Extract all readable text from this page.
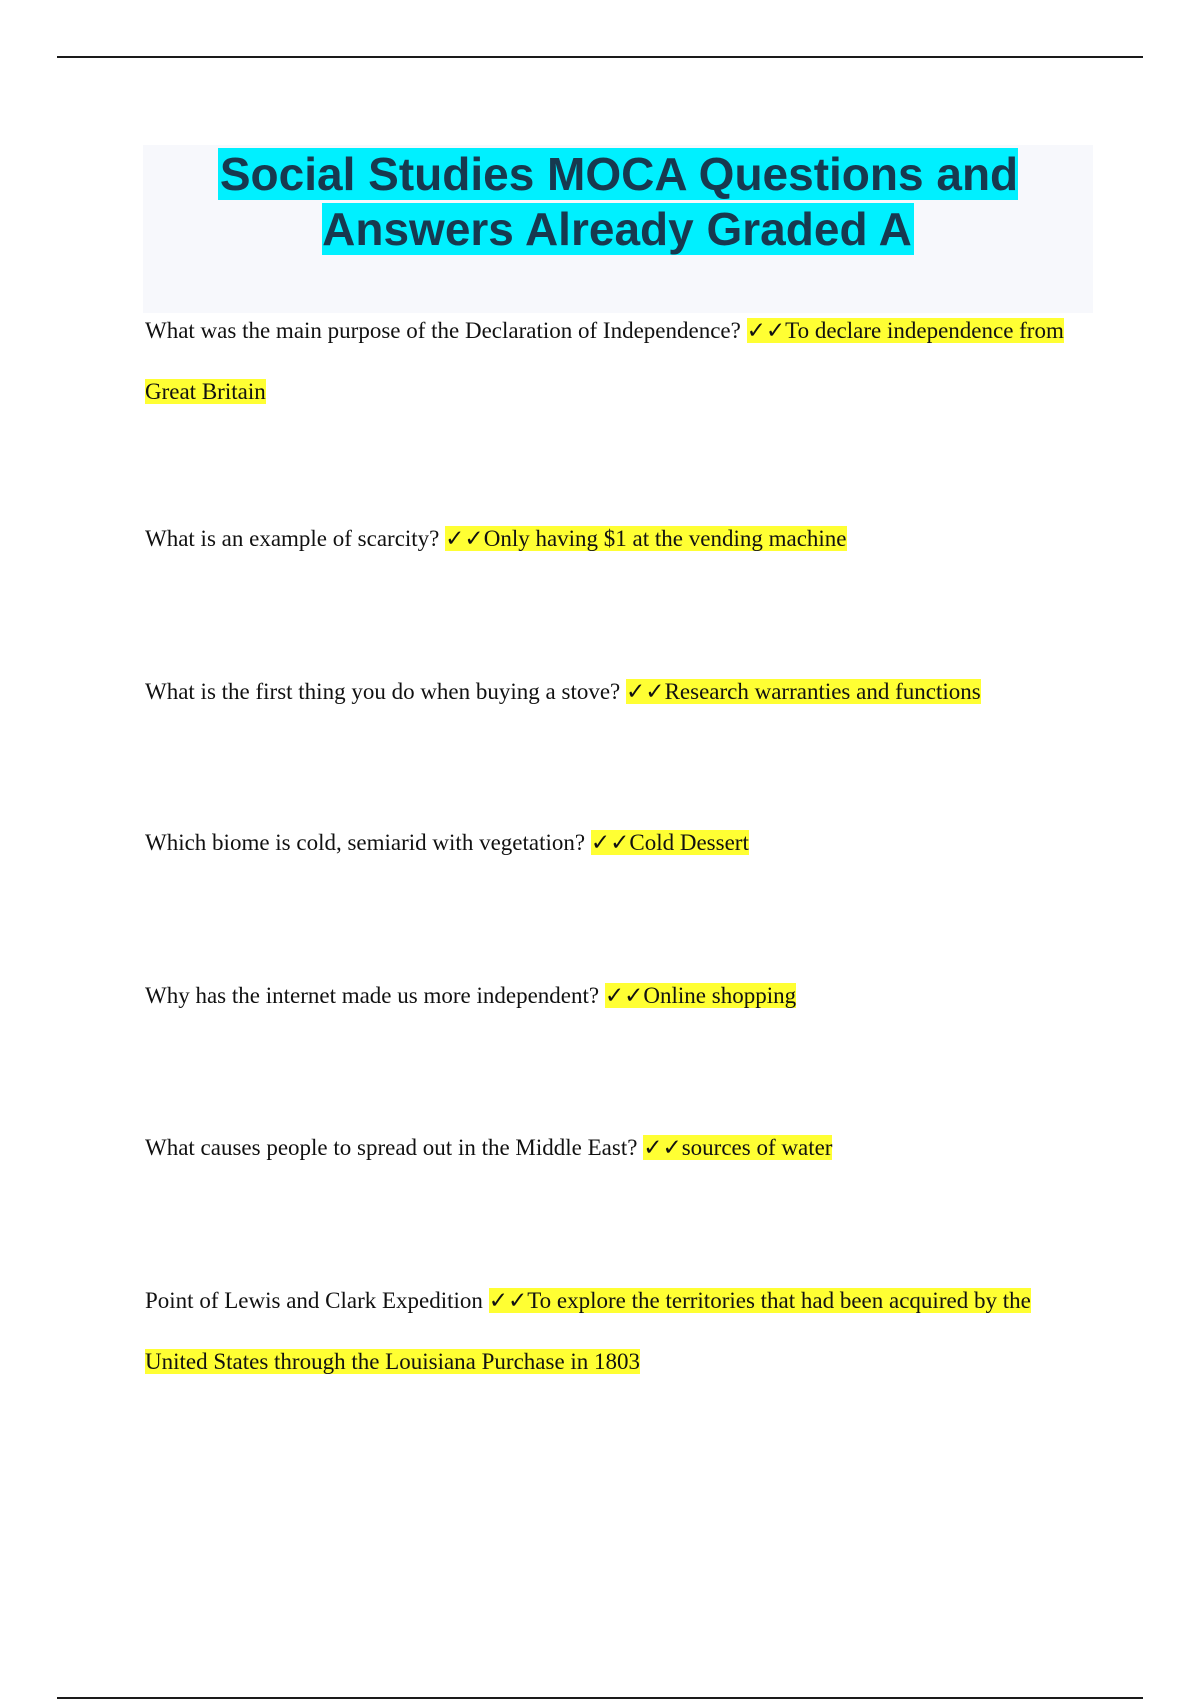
Social Studies MOCA Questions and Answers Already Graded A
What was the main purpose of the Declaration of Independence? ✓✓To declare independence from Great Britain
What is an example of scarcity? ✓✓Only having $1 at the vending machine
What is the first thing you do when buying a stove? ✓✓Research warranties and functions
Which biome is cold, semiarid with vegetation? ✓✓Cold Dessert
Why has the internet made us more independent? ✓✓Online shopping
What causes people to spread out in the Middle East? ✓✓sources of water
Point of Lewis and Clark Expedition ✓✓To explore the territories that had been acquired by the United States through the Louisiana Purchase in 1803
